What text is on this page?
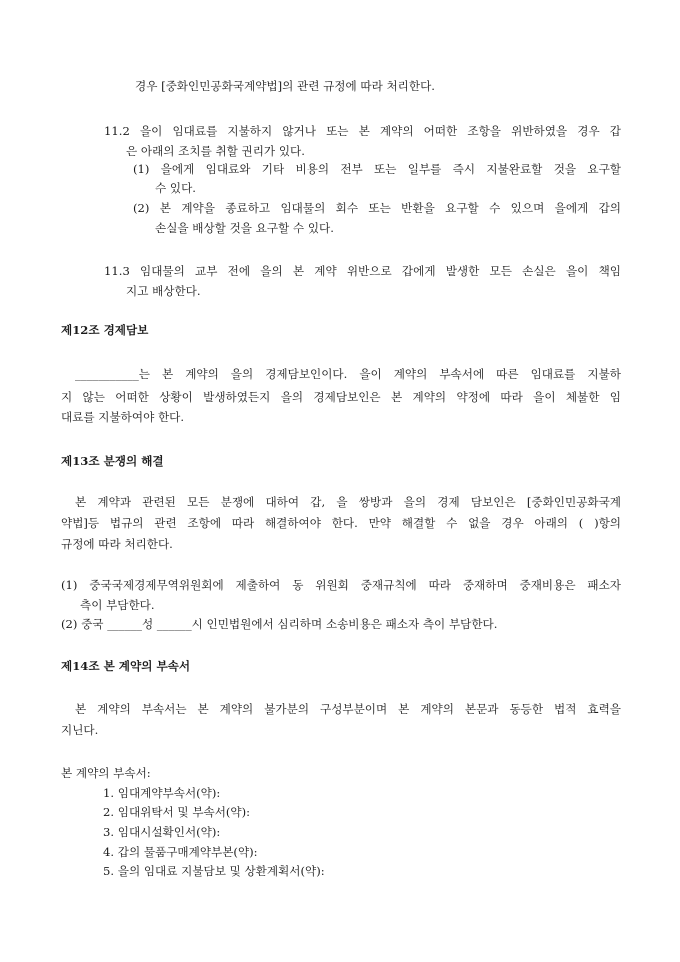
경우 [중화인민공화국계약법]의 관련 규정에 따라 처리한다.
11.2 을이 임대료를 지불하지 않거나 또는 본 계약의 어떠한 조항을 위반하였을 경우 갑
은 아래의 조치를 취할 권리가 있다.
(1) 을에게 임대료와 기타 비용의 전부 또는 일부를 즉시 지불완료할 것을 요구할
수 있다.
(2) 본 계약을 종료하고 임대물의 회수 또는 반환을 요구할 수 있으며 을에게 갑의
손실을 배상할 것을 요구할 수 있다.
11.3 임대물의 교부 전에 을의 본 계약 위반으로 갑에게 발생한 모든 손실은 을이 책임
지고 배상한다.
제12조 경제담보
___________는 본 계약의 을의 경제담보인이다. 을이 계약의 부속서에 따른 임대료를 지불하
지 않는 어떠한 상황이 발생하였든지 을의 경제담보인은 본 계약의 약정에 따라 을이 체불한 임
대료를 지불하여야 한다.
제13조 분쟁의 해결
본 계약과 관련된 모든 분쟁에 대하여 갑, 을 쌍방과 을의 경제 담보인은 [중화인민공화국계
약법]등 법규의 관련 조항에 따라 해결하여야 한다. 만약 해결할 수 없을 경우 아래의 ( )항의
규정에 따라 처리한다.
(1) 중국국제경제무역위원회에 제출하여 동 위원회 중재규칙에 따라 중재하며 중재비용은 패소자
측이 부담한다.
(2) 중국 ______성 ______시 인민법원에서 심리하며 소송비용은 패소자 측이 부담한다.
제14조 본 계약의 부속서
본 계약의 부속서는 본 계약의 불가분의 구성부분이며 본 계약의 본문과 동등한 법적 효력을
지닌다.
본 계약의 부속서:
1. 임대계약부속서(약):
2. 임대위탁서 및 부속서(약):
3. 임대시설확인서(약):
4. 갑의 물품구매계약부본(약):
5. 을의 임대료 지불담보 및 상환계획서(약):
